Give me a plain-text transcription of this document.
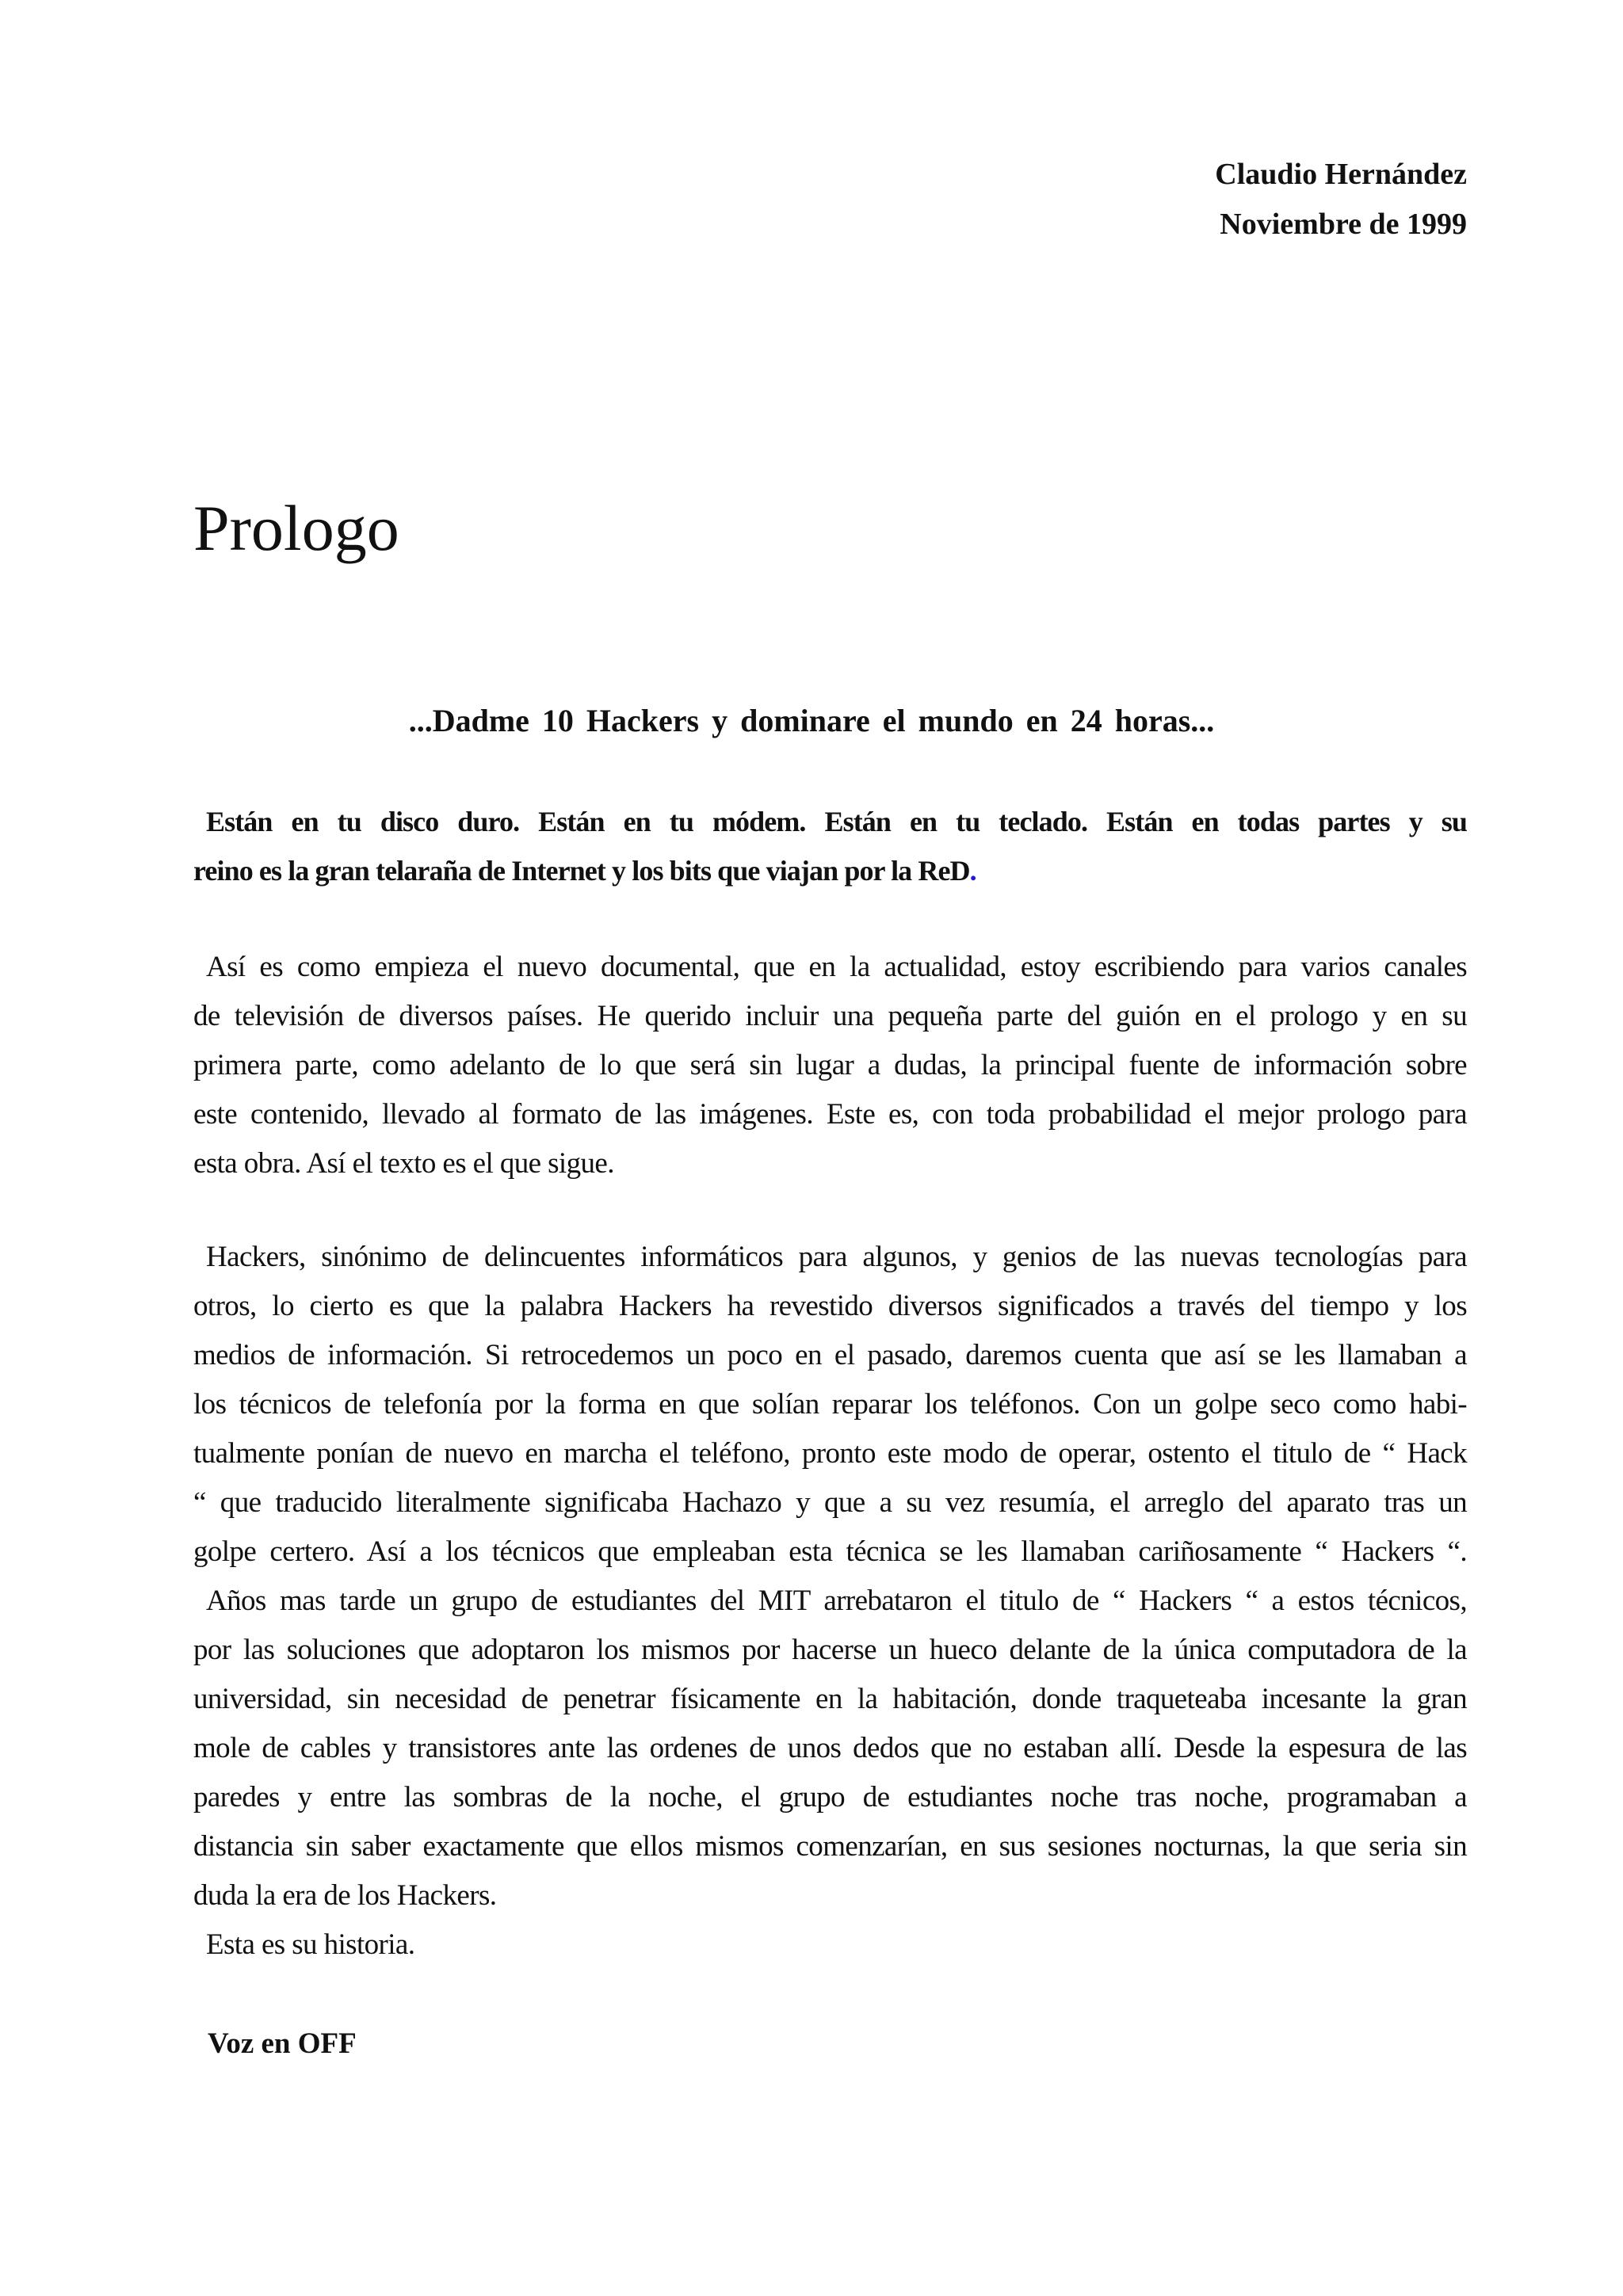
Claudio Hernández
Noviembre de 1999
Prologo
...Dadme 10 Hackers y dominare el mundo en 24 horas...
Están en tu disco duro. Están en tu módem. Están en tu teclado. Están en todas partes y su
reino es la gran telaraña de Internet y los bits que viajan por la ReD.
Así es como empieza el nuevo documental, que en la actualidad, estoy escribiendo para varios canales
de televisión de diversos países. He querido incluir una pequeña parte del guión en el prologo y en su
primera parte, como adelanto de lo que será sin lugar a dudas, la principal fuente de información sobre
este contenido, llevado al formato de las imágenes. Este es, con toda probabilidad el mejor prologo para
esta obra. Así el texto es el que sigue.
Hackers, sinónimo de delincuentes informáticos para algunos, y genios de las nuevas tecnologías para
otros, lo cierto es que la palabra Hackers ha revestido diversos significados a través del tiempo y los
medios de información. Si retrocedemos un poco en el pasado, daremos cuenta que así se les llamaban a
los técnicos de telefonía por la forma en que solían reparar los teléfonos. Con un golpe seco como habi-
tualmente ponían de nuevo en marcha el teléfono, pronto este modo de operar, ostento el titulo de “ Hack
“ que traducido literalmente significaba Hachazo y que a su vez resumía, el arreglo del aparato tras un
golpe certero. Así a los técnicos que empleaban esta técnica se les llamaban cariñosamente “ Hackers “.
Años mas tarde un grupo de estudiantes del MIT arrebataron el titulo de “ Hackers “ a estos técnicos,
por las soluciones que adoptaron los mismos por hacerse un hueco delante de la única computadora de la
universidad, sin necesidad de penetrar físicamente en la habitación, donde traqueteaba incesante la gran
mole de cables y transistores ante las ordenes de unos dedos que no estaban allí. Desde la espesura de las
paredes y entre las sombras de la noche, el grupo de estudiantes noche tras noche, programaban a
distancia sin saber exactamente que ellos mismos comenzarían, en sus sesiones nocturnas, la que seria sin
duda la era de los Hackers.
Esta es su historia.
Voz en OFF
